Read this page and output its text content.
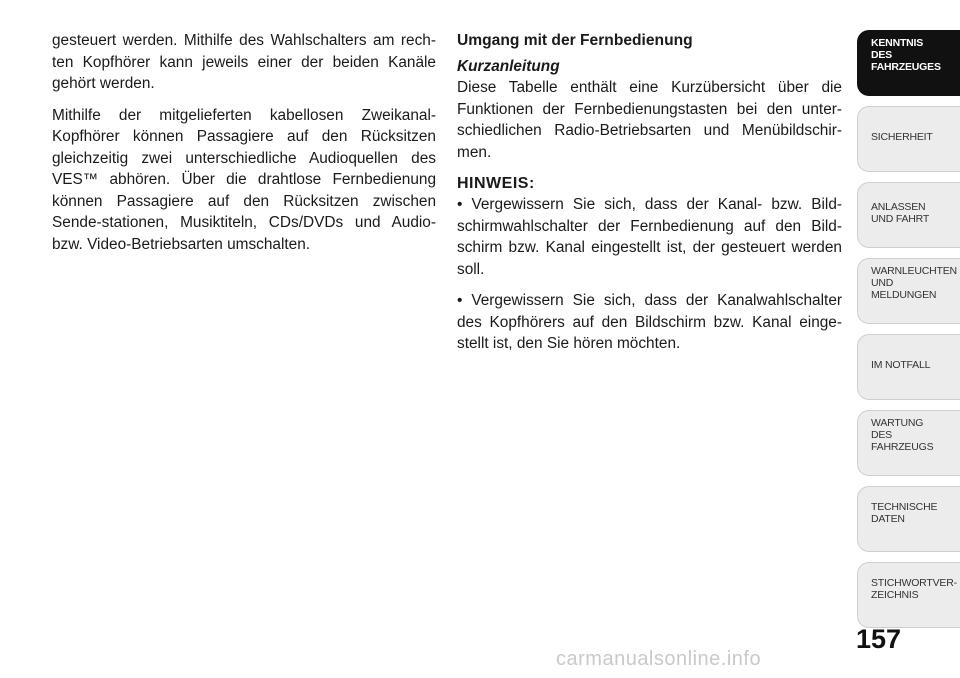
gesteuert werden. Mithilfe des Wahlschalters am rech-ten Kopfhörer kann jeweils einer der beiden Kanäle gehört werden.

Mithilfe der mitgelieferten kabellosen Zweikanal-Kopfhörer können Passagiere auf den Rücksitzen gleichzeitig zwei unterschiedliche Audioquellen des VES™ abhören. Über die drahtlose Fernbedienung können Passagiere auf den Rücksitzen zwischen Sende-stationen, Musiktiteln, CDs/DVDs und Audio- bzw. Video-Betriebsarten umschalten.

Umgang mit der Fernbedienung
Kurzanleitung

Diese Tabelle enthält eine Kurzübersicht über die Funktionen der Fernbedienungstasten bei den unter-schiedlichen Radio-Betriebsarten und Menübildschir-men.

HINWEIS:

• Vergewissern Sie sich, dass der Kanal- bzw. Bild-schirmwahlschalter der Fernbedienung auf den Bild-schirm bzw. Kanal eingestellt ist, der gesteuert werden soll.

• Vergewissern Sie sich, dass der Kanalwahlschalter des Kopfhörers auf den Bildschirm bzw. Kanal einge-stellt ist, den Sie hören möchten.

KENNTNIS
DES
FAHRZEUGES
SICHERHEIT
ANLASSEN
UND FAHRT
WARNLEUCHTEN
UND
MELDUNGEN
IM NOTFALL
WARTUNG
DES
FAHRZEUGS
TECHNISCHE
DATEN
STICHWORTVER-
ZEICHNIS
157
carmanualsonline.info
